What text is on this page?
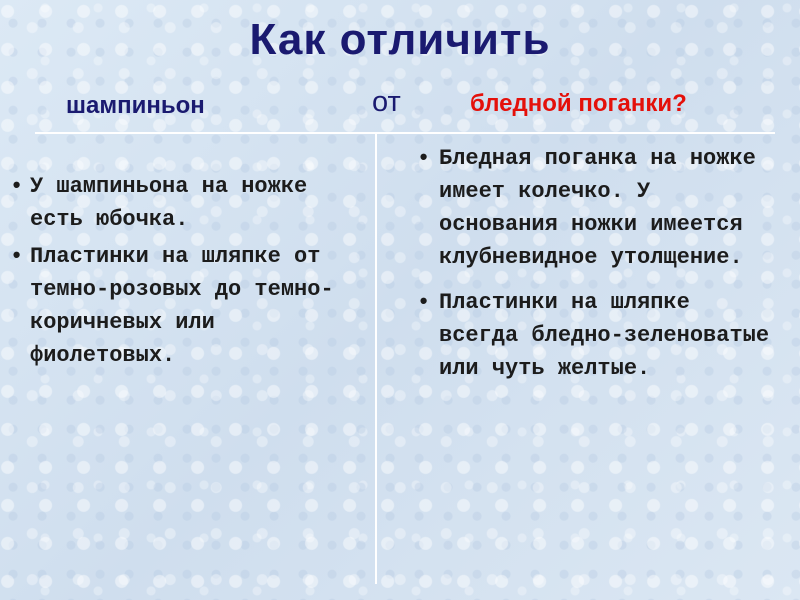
Как отличить
шампиньон	от	бледной поганки?
• У шампиньона на ножке есть юбочка.
• Пластинки на шляпке от темно-розовых до темно-коричневых или фиолетовых.
• Бледная поганка на ножке имеет колечко. У основания ножки имеется клубневидное утолщение.
• Пластинки на шляпке всегда бледно-зеленоватые или чуть желтые.
